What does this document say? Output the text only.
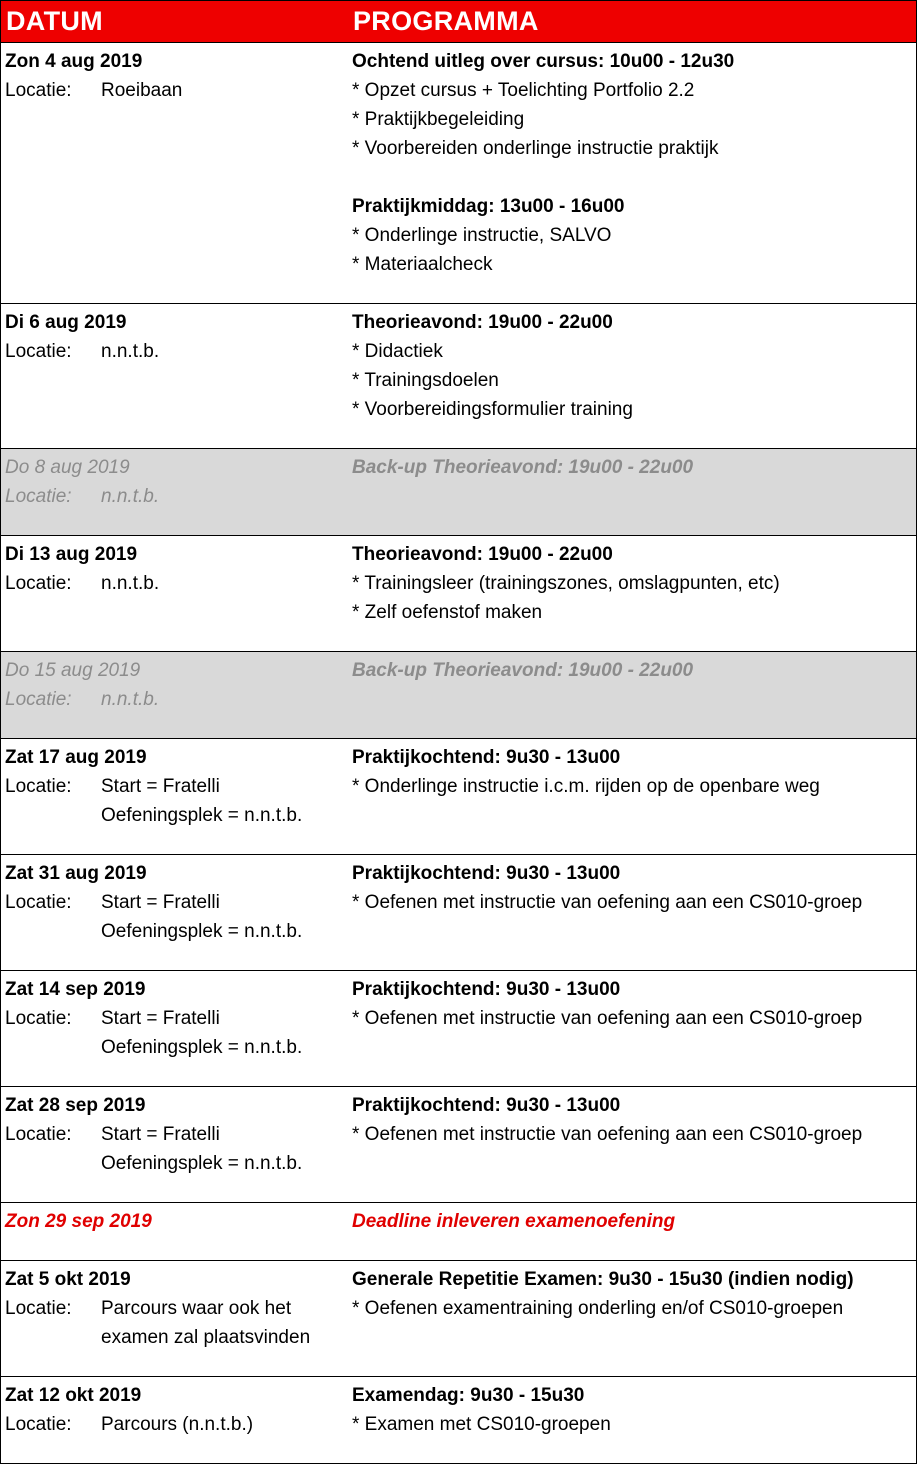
DATUM	PROGRAMMA
Zon 4 aug 2019
Locatie: Roeibaan
Ochtend uitleg over cursus: 10u00 - 12u30
* Opzet cursus + Toelichting Portfolio 2.2
* Praktijkbegeleiding
* Voorbereiden onderlinge instructie praktijk
Praktijkmiddag: 13u00 - 16u00
* Onderlinge instructie, SALVO
* Materiaalcheck
Di 6 aug 2019
Locatie: n.n.t.b.
Theorieavond: 19u00 - 22u00
* Didactiek
* Trainingsdoelen
* Voorbereidingsformulier training
Do 8 aug 2019
Locatie: n.n.t.b.
Back-up Theorieavond: 19u00 - 22u00
Di 13 aug 2019
Locatie: n.n.t.b.
Theorieavond: 19u00 - 22u00
* Trainingsleer (trainingszones, omslagpunten, etc)
* Zelf oefenstof maken
Do 15 aug 2019
Locatie: n.n.t.b.
Back-up Theorieavond: 19u00 - 22u00
Zat 17 aug 2019
Locatie: Start = Fratelli
Oefeningsplek = n.n.t.b.
Praktijkochtend: 9u30 - 13u00
* Onderlinge instructie i.c.m. rijden op de openbare weg
Zat 31 aug 2019
Locatie: Start = Fratelli
Oefeningsplek = n.n.t.b.
Praktijkochtend: 9u30 - 13u00
* Oefenen met instructie van oefening aan een CS010-groep
Zat 14 sep 2019
Locatie: Start = Fratelli
Oefeningsplek = n.n.t.b.
Praktijkochtend: 9u30 - 13u00
* Oefenen met instructie van oefening aan een CS010-groep
Zat 28 sep 2019
Locatie: Start = Fratelli
Oefeningsplek = n.n.t.b.
Praktijkochtend: 9u30 - 13u00
* Oefenen met instructie van oefening aan een CS010-groep
Zon 29 sep 2019	Deadline inleveren examenoefening
Zat 5 okt 2019
Locatie: Parcours waar ook het
examen zal plaatsvinden
Generale Repetitie Examen: 9u30 - 15u30 (indien nodig)
* Oefenen examentraining onderling en/of CS010-groepen
Zat 12 okt 2019
Locatie: Parcours (n.n.t.b.)
Examendag: 9u30 - 15u30
* Examen met CS010-groepen
